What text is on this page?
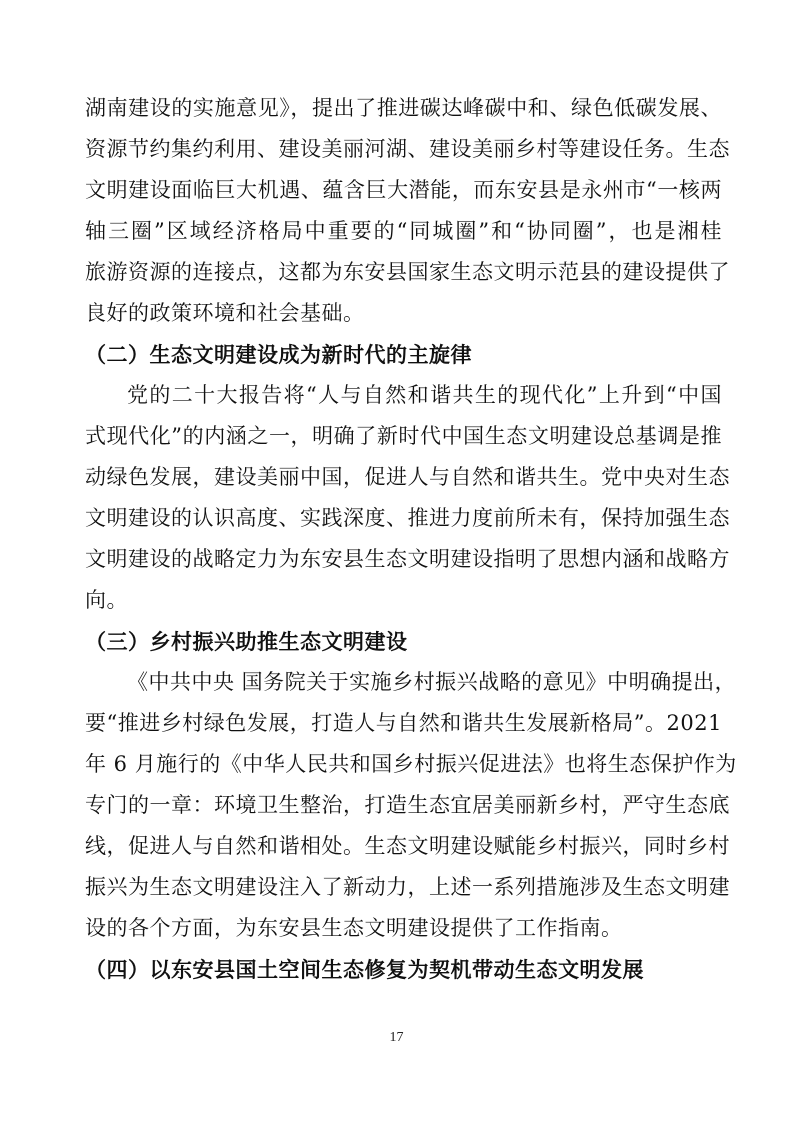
湖南建设的实施意见》，提出了推进碳达峰碳中和、绿色低碳发展、
资源节约集约利用、建设美丽河湖、建设美丽乡村等建设任务。生态
文明建设面临巨大机遇、蕴含巨大潜能，而东安县是永州市“一核两
轴三圈”区域经济格局中重要的“同城圈”和“协同圈”，也是湘桂
旅游资源的连接点，这都为东安县国家生态文明示范县的建设提供了
良好的政策环境和社会基础。
（二）生态文明建设成为新时代的主旋律
党的二十大报告将“人与自然和谐共生的现代化”上升到“中国
式现代化”的内涵之一，明确了新时代中国生态文明建设总基调是推
动绿色发展，建设美丽中国，促进人与自然和谐共生。党中央对生态
文明建设的认识高度、实践深度、推进力度前所未有，保持加强生态
文明建设的战略定力为东安县生态文明建设指明了思想内涵和战略方
向。
（三）乡村振兴助推生态文明建设
《中共中央 国务院关于实施乡村振兴战略的意见》中明确提出，
要“推进乡村绿色发展，打造人与自然和谐共生发展新格局”。2021
年 6 月施行的《中华人民共和国乡村振兴促进法》也将生态保护作为
专门的一章：环境卫生整治，打造生态宜居美丽新乡村，严守生态底
线，促进人与自然和谐相处。生态文明建设赋能乡村振兴，同时乡村
振兴为生态文明建设注入了新动力，上述一系列措施涉及生态文明建
设的各个方面，为东安县生态文明建设提供了工作指南。
（四）以东安县国土空间生态修复为契机带动生态文明发展
17
